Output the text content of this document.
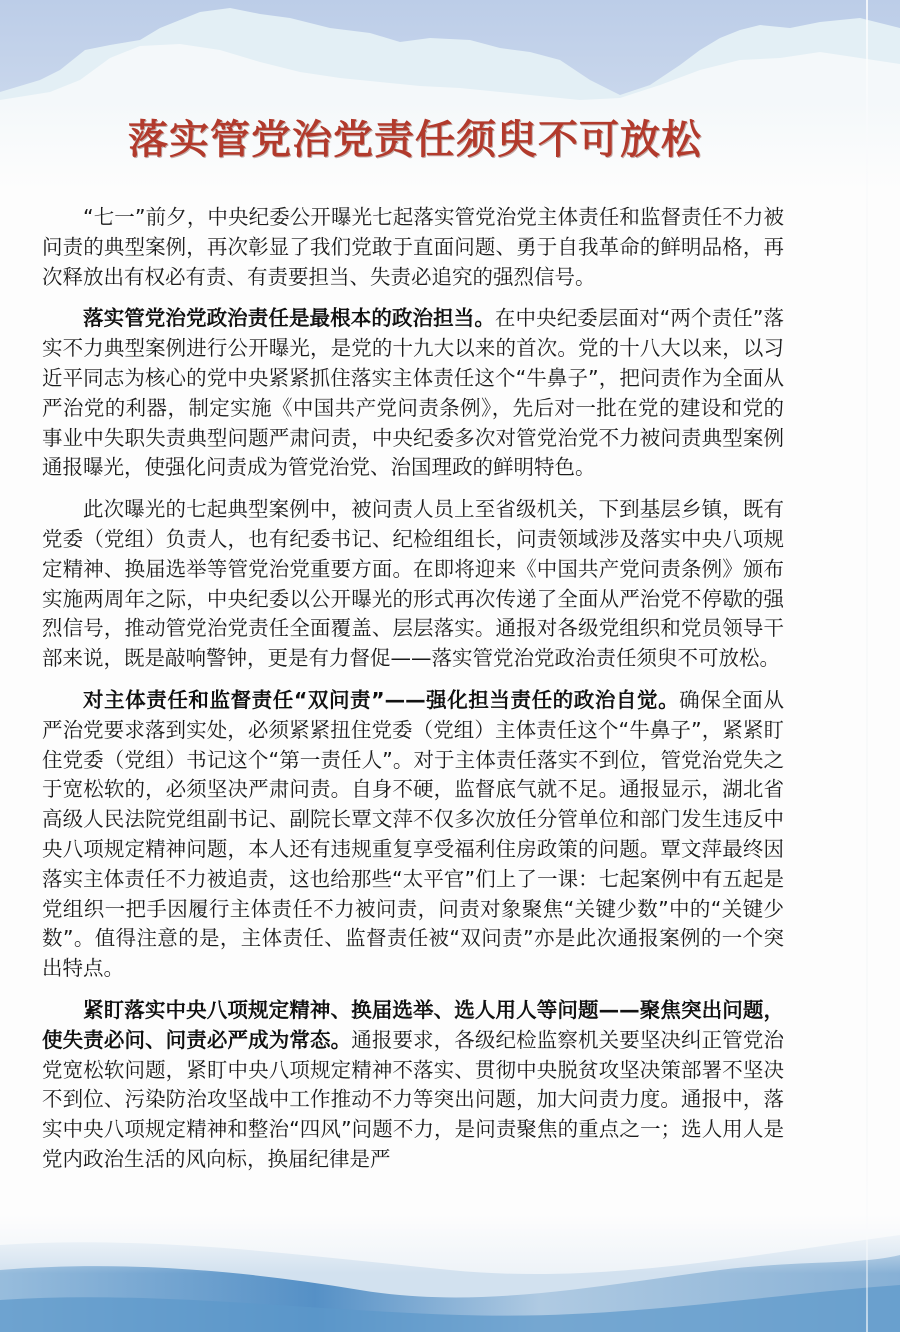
落实管党治党责任须臾不可放松

“七一”前夕，中央纪委公开曝光七起落实管党治党主体责任和监督责任不力被问责的典型案例，再次彰显了我们党敢于直面问题、勇于自我革命的鲜明品格，再次释放出有权必有责、有责要担当、失责必追究的强烈信号。

落实管党治党政治责任是最根本的政治担当。在中央纪委层面对“两个责任”落实不力典型案例进行公开曝光，是党的十九大以来的首次。党的十八大以来，以习近平同志为核心的党中央紧紧抓住落实主体责任这个“牛鼻子”，把问责作为全面从严治党的利器，制定实施《中国共产党问责条例》，先后对一批在党的建设和党的事业中失职失责典型问题严肃问责，中央纪委多次对管党治党不力被问责典型案例通报曝光，使强化问责成为管党治党、治国理政的鲜明特色。

此次曝光的七起典型案例中，被问责人员上至省级机关，下到基层乡镇，既有党委（党组）负责人，也有纪委书记、纪检组组长，问责领域涉及落实中央八项规定精神、换届选举等管党治党重要方面。在即将迎来《中国共产党问责条例》颁布实施两周年之际，中央纪委以公开曝光的形式再次传递了全面从严治党不停歇的强烈信号，推动管党治党责任全面覆盖、层层落实。通报对各级党组织和党员领导干部来说，既是敲响警钟，更是有力督促——落实管党治党政治责任须臾不可放松。

对主体责任和监督责任“双问责”——强化担当责任的政治自觉。确保全面从严治党要求落到实处，必须紧紧扭住党委（党组）主体责任这个“牛鼻子”，紧紧盯住党委（党组）书记这个“第一责任人”。对于主体责任落实不到位，管党治党失之于宽松软的，必须坚决严肃问责。自身不硬，监督底气就不足。通报显示，湖北省高级人民法院党组副书记、副院长覃文萍不仅多次放任分管单位和部门发生违反中央八项规定精神问题，本人还有违规重复享受福利住房政策的问题。覃文萍最终因落实主体责任不力被追责，这也给那些“太平官”们上了一课：七起案例中有五起是党组织一把手因履行主体责任不力被问责，问责对象聚焦“关键少数”中的“关键少数”。值得注意的是，主体责任、监督责任被“双问责”亦是此次通报案例的一个突出特点。

紧盯落实中央八项规定精神、换届选举、选人用人等问题——聚焦突出问题，使失责必问、问责必严成为常态。通报要求，各级纪检监察机关要坚决纠正管党治党宽松软问题，紧盯中央八项规定精神不落实、贯彻中央脱贫攻坚决策部署不坚决不到位、污染防治攻坚战中工作推动不力等突出问题，加大问责力度。通报中，落实中央八项规定精神和整治“四风”问题不力，是问责聚焦的重点之一；选人用人是党内政治生活的风向标，换届纪律是严
